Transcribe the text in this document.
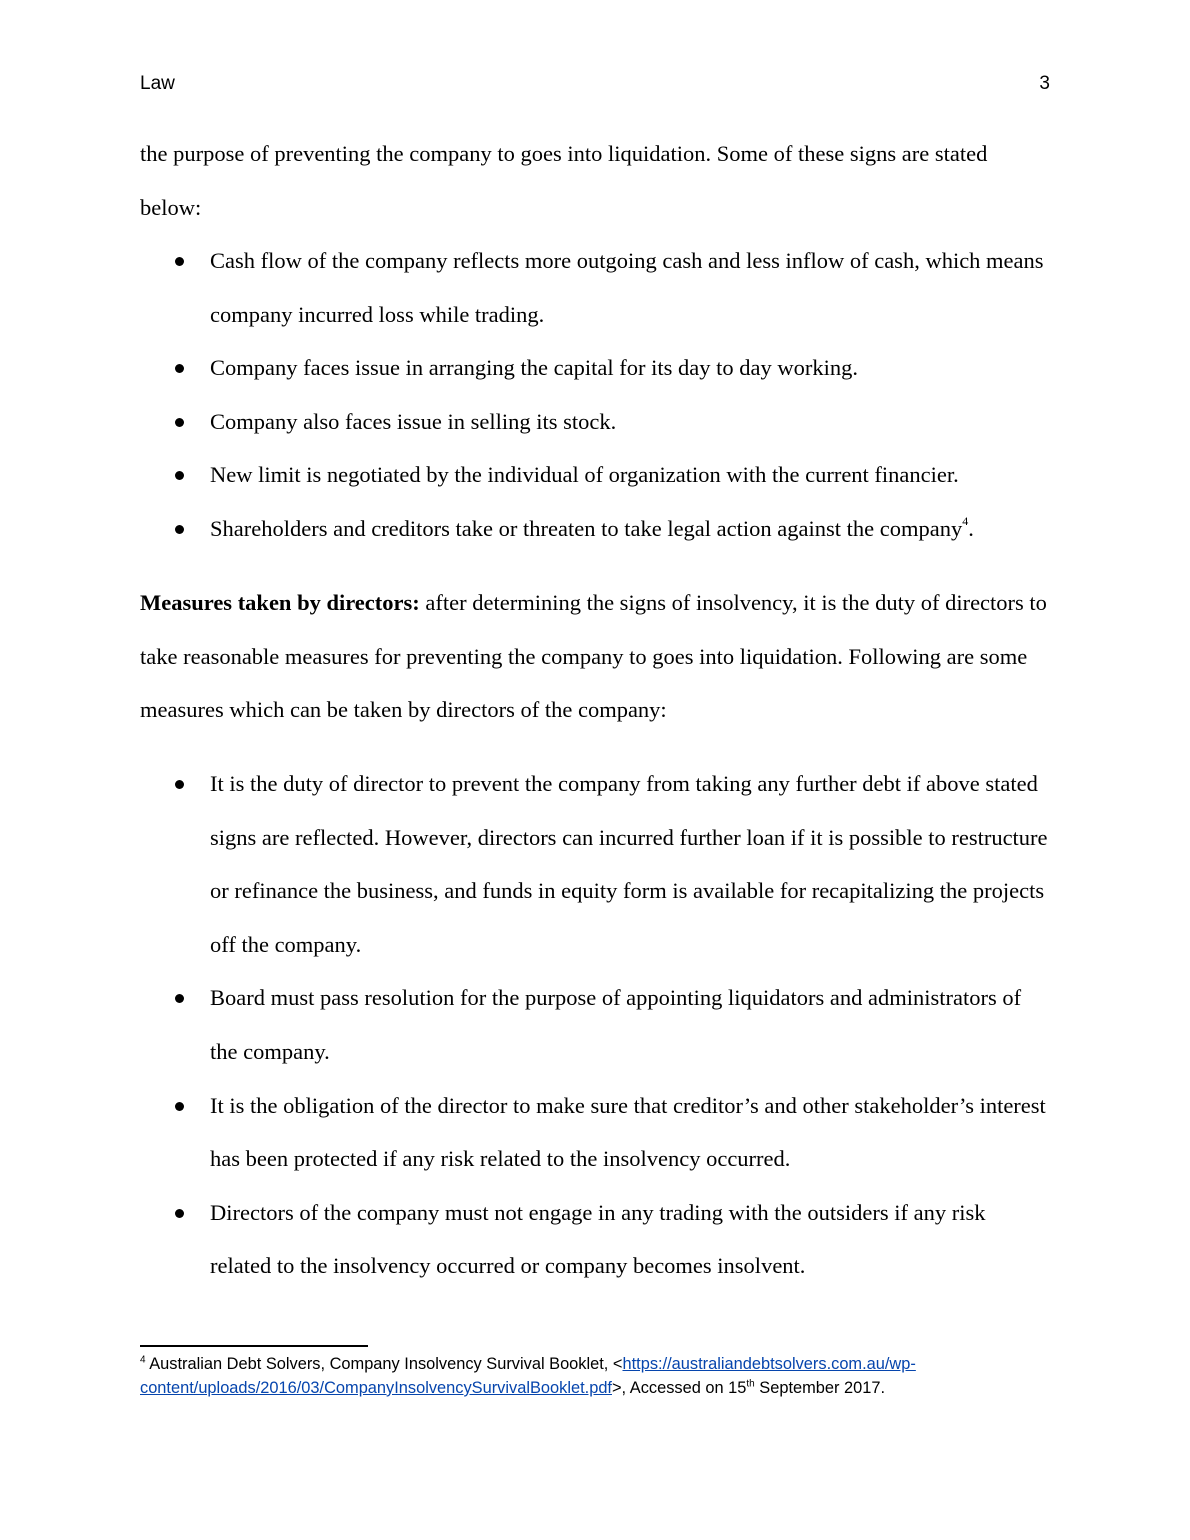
Law	3

the purpose of preventing the company to goes into liquidation. Some of these signs are stated below:

Cash flow of the company reflects more outgoing cash and less inflow of cash, which means company incurred loss while trading.
Company faces issue in arranging the capital for its day to day working.
Company also faces issue in selling its stock.
New limit is negotiated by the individual of organization with the current financier.
Shareholders and creditors take or threaten to take legal action against the company$^4$.

Measures taken by directors: after determining the signs of insolvency, it is the duty of directors to take reasonable measures for preventing the company to goes into liquidation. Following are some measures which can be taken by directors of the company:

It is the duty of director to prevent the company from taking any further debt if above stated signs are reflected. However, directors can incurred further loan if it is possible to restructure or refinance the business, and funds in equity form is available for recapitalizing the projects off the company.
Board must pass resolution for the purpose of appointing liquidators and administrators of the company.
It is the obligation of the director to make sure that creditor’s and other stakeholder’s interest has been protected if any risk related to the insolvency occurred.
Directors of the company must not engage in any trading with the outsiders if any risk related to the insolvency occurred or company becomes insolvent.
$^4$ Australian Debt Solvers, Company Insolvency Survival Booklet, <https://australiandebtsolvers.com.au/wp-
content/uploads/2016/03/CompanyInsolvencySurvivalBooklet.pdf>, Accessed on 15th September 2017.
